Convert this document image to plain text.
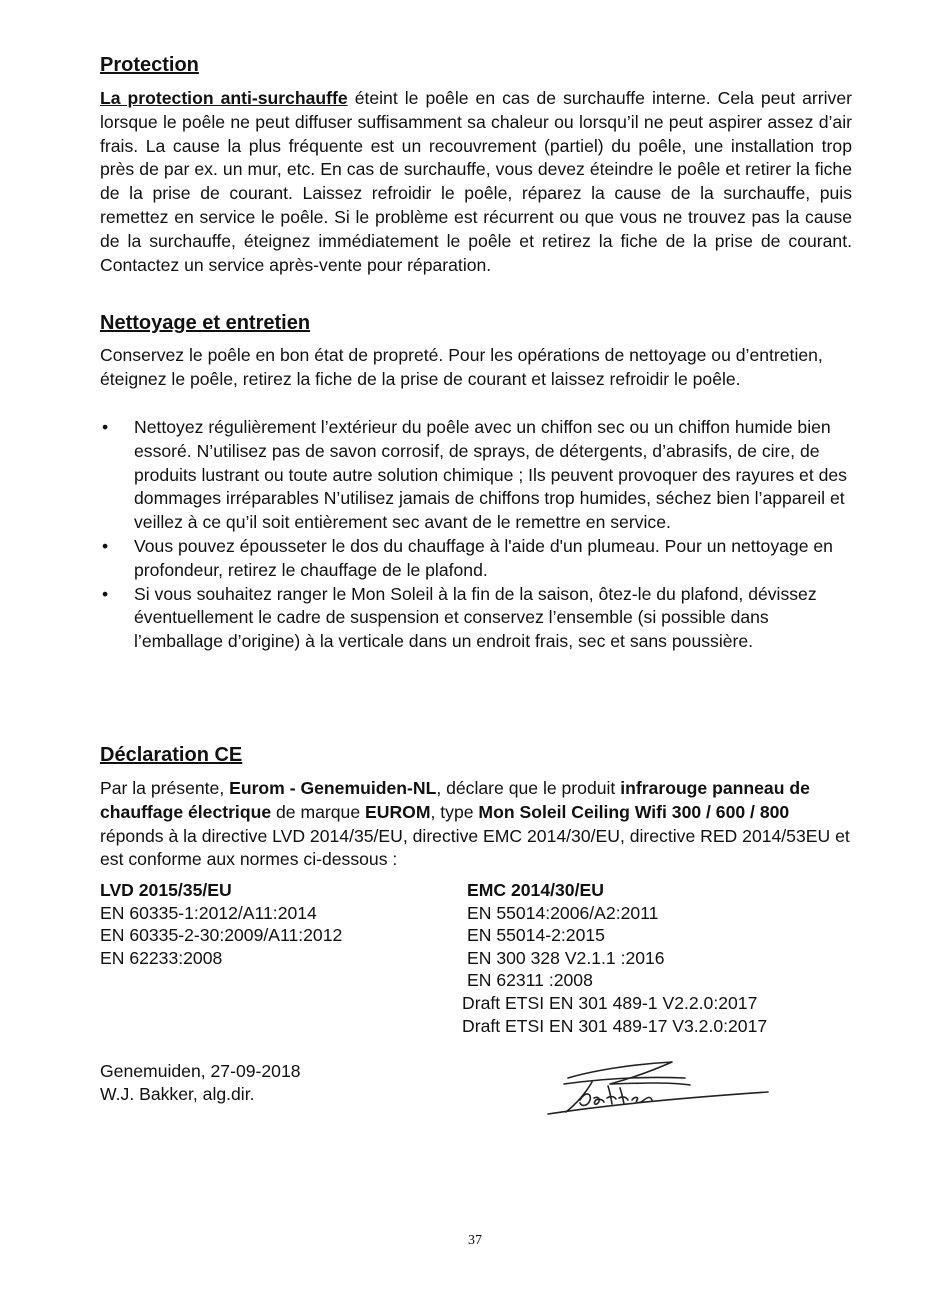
Protection

La protection anti-surchauffe éteint le poêle en cas de surchauffe interne. Cela peut arriver lorsque le poêle ne peut diffuser suffisamment sa chaleur ou lorsqu’il ne peut aspirer assez d’air frais. La cause la plus fréquente est un recouvrement (partiel) du poêle, une installation trop près de par ex. un mur, etc. En cas de surchauffe, vous devez éteindre le poêle et retirer la fiche de la prise de courant. Laissez refroidir le poêle, réparez la cause de la surchauffe, puis remettez en service le poêle. Si le problème est récurrent ou que vous ne trouvez pas la cause de la surchauffe, éteignez immédiatement le poêle et retirez la fiche de la prise de courant. Contactez un service après-vente pour réparation.

Nettoyage et entretien

Conservez le poêle en bon état de propreté. Pour les opérations de nettoyage ou d’entretien, éteignez le poêle, retirez la fiche de la prise de courant et laissez refroidir le poêle.

• Nettoyez régulièrement l’extérieur du poêle avec un chiffon sec ou un chiffon humide bien essoré. N’utilisez pas de savon corrosif, de sprays, de détergents, d’abrasifs, de cire, de produits lustrant ou toute autre solution chimique ; Ils peuvent provoquer des rayures et des dommages irréparables N’utilisez jamais de chiffons trop humides, séchez bien l’appareil et veillez à ce qu’il soit entièrement sec avant de le remettre en service.
• Vous pouvez épousseter le dos du chauffage à l'aide d'un plumeau. Pour un nettoyage en profondeur, retirez le chauffage de le plafond.
• Si vous souhaitez ranger le Mon Soleil à la fin de la saison, ôtez-le du plafond, dévissez éventuellement le cadre de suspension et conservez l’ensemble (si possible dans l’emballage d’origine) à la verticale dans un endroit frais, sec et sans poussière.
Déclaration CE

Par la présente, Eurom - Genemuiden-NL, déclare que le produit infrarouge panneau de chauffage électrique de marque EUROM, type Mon Soleil Ceiling Wifi 300 / 600 / 800 réponds à la directive LVD 2014/35/EU, directive EMC 2014/30/EU, directive RED 2014/53EU et est conforme aux normes ci-dessous :

LVD 2015/35/EU
EN 60335-1:2012/A11:2014
EN 60335-2-30:2009/A11:2012
EN 62233:2008
EMC 2014/30/EU
EN 55014:2006/A2:2011
EN 55014-2:2015
EN 300 328 V2.1.1 :2016
EN 62311 :2008
Draft ETSI EN 301 489-1 V2.2.0:2017
Draft ETSI EN 301 489-17 V3.2.0:2017
Genemuiden, 27-09-2018
W.J. Bakker, alg.dir.
37
